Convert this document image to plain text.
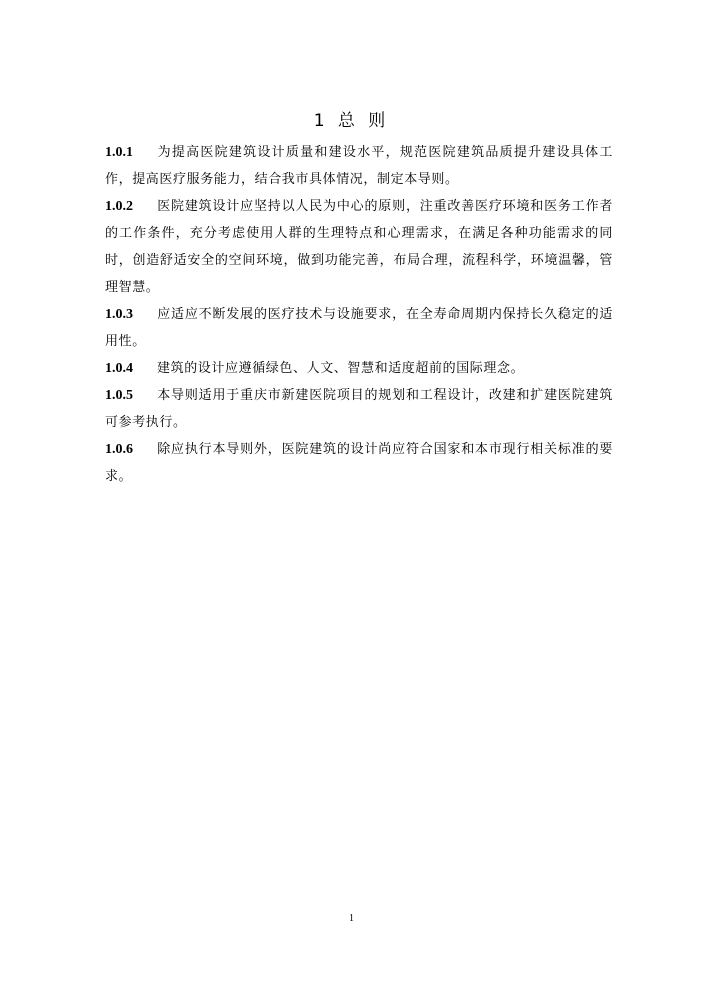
1 总 则

1.0.1 为提高医院建筑设计质量和建设水平，规范医院建筑品质提升建设具体工作，提高医疗服务能力，结合我市具体情况，制定本导则。

1.0.2 医院建筑设计应坚持以人民为中心的原则，注重改善医疗环境和医务工作者的工作条件，充分考虑使用人群的生理特点和心理需求，在满足各种功能需求的同时，创造舒适安全的空间环境，做到功能完善，布局合理，流程科学，环境温馨，管理智慧。

1.0.3 应适应不断发展的医疗技术与设施要求，在全寿命周期内保持长久稳定的适用性。

1.0.4 建筑的设计应遵循绿色、人文、智慧和适度超前的国际理念。

1.0.5 本导则适用于重庆市新建医院项目的规划和工程设计，改建和扩建医院建筑可参考执行。

1.0.6 除应执行本导则外，医院建筑的设计尚应符合国家和本市现行相关标准的要求。

1
